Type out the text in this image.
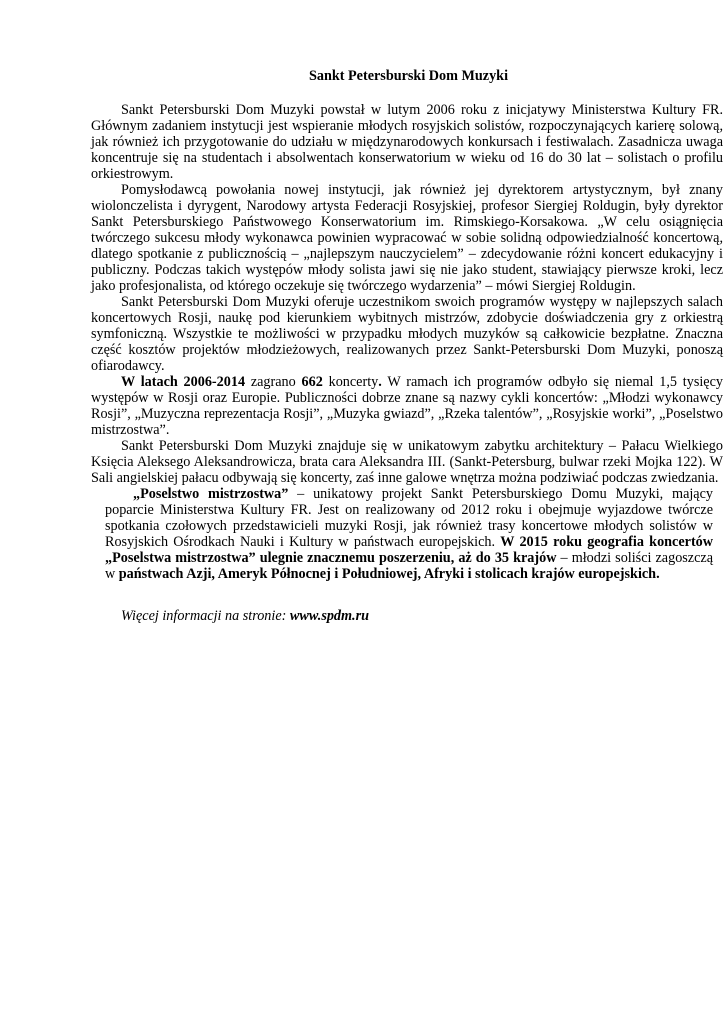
Sankt Petersburski Dom Muzyki

Sankt Petersburski Dom Muzyki powstał w lutym 2006 roku z inicjatywy Ministerstwa Kultury FR. Głównym zadaniem instytucji jest wspieranie młodych rosyjskich solistów, rozpoczynających karierę solową, jak również ich przygotowanie do udziału w międzynarodowych konkursach i festiwalach. Zasadnicza uwaga koncentruje się na studentach i absolwentach konserwatorium w wieku od 16 do 30 lat – solistach o profilu orkiestrowym.

Pomysłodawcą powołania nowej instytucji, jak również jej dyrektorem artystycznym, był znany wiolonczelista i dyrygent, Narodowy artysta Federacji Rosyjskiej, profesor Siergiej Roldugin, były dyrektor Sankt Petersburskiego Państwowego Konserwatorium im. Rimskiego-Korsakowa. „W celu osiągnięcia twórczego sukcesu młody wykonawca powinien wypracować w sobie solidną odpowiedzialność koncertową, dlatego spotkanie z publicznością – „najlepszym nauczycielem” – zdecydowanie różni koncert edukacyjny i publiczny. Podczas takich występów młody solista jawi się nie jako student, stawiający pierwsze kroki, lecz jako profesjonalista, od którego oczekuje się twórczego wydarzenia” – mówi Siergiej Roldugin.

Sankt Petersburski Dom Muzyki oferuje uczestnikom swoich programów występy w najlepszych salach koncertowych Rosji, naukę pod kierunkiem wybitnych mistrzów, zdobycie doświadczenia gry z orkiestrą symfoniczną. Wszystkie te możliwości w przypadku młodych muzyków są całkowicie bezpłatne. Znaczna część kosztów projektów młodzieżowych, realizowanych przez Sankt-Petersburski Dom Muzyki, ponoszą ofiarodawcy.

W latach 2006-2014 zagrano 662 koncerty. W ramach ich programów odbyło się niemal 1,5 tysięcy występów w Rosji oraz Europie. Publiczności dobrze znane są nazwy cykli koncertów: „Młodzi wykonawcy Rosji”, „Muzyczna reprezentacja Rosji”, „Muzyka gwiazd”, „Rzeka talentów”, „Rosyjskie worki”, „Poselstwo mistrzostwa”.

Sankt Petersburski Dom Muzyki znajduje się w unikatowym zabytku architektury – Pałacu Wielkiego Księcia Aleksego Aleksandrowicza, brata cara Aleksandra III. (Sankt-Petersburg, bulwar rzeki Mojka 122). W Sali angielskiej pałacu odbywają się koncerty, zaś inne galowe wnętrza można podziwiać podczas zwiedzania.

„Poselstwo mistrzostwa” – unikatowy projekt Sankt Petersburskiego Domu Muzyki, mający poparcie Ministerstwa Kultury FR. Jest on realizowany od 2012 roku i obejmuje wyjazdowe twórcze spotkania czołowych przedstawicieli muzyki Rosji, jak również trasy koncertowe młodych solistów w Rosyjskich Ośrodkach Nauki i Kultury w państwach europejskich. W 2015 roku geografia koncertów „Poselstwa mistrzostwa” ulegnie znacznemu poszerzeniu, aż do 35 krajów – młodzi soliści zagoszczą w państwach Azji, Ameryk Północnej i Południowej, Afryki i stolicach krajów europejskich.

Więcej informacji na stronie: www.spdm.ru
